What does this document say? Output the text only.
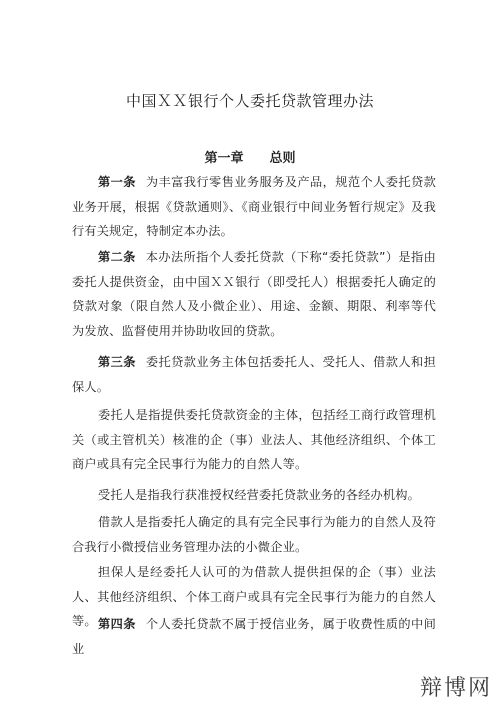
中国ＸＸ银行个人委托贷款管理办法
第一章 总则
第一条 为丰富我行零售业务服务及产品，规范个人委托贷款业务开展，根据《贷款通则》、《商业银行中间业务暂行规定》及我行有关规定，特制定本办法。
第二条 本办法所指个人委托贷款（下称“委托贷款”）是指由委托人提供资金，由中国ＸＸ银行（即受托人）根据委托人确定的贷款对象（限自然人及小微企业）、用途、金额、期限、利率等代为发放、监督使用并协助收回的贷款。
第三条 委托贷款业务主体包括委托人、受托人、借款人和担保人。
委托人是指提供委托贷款资金的主体，包括经工商行政管理机关（或主管机关）核准的企（事）业法人、其他经济组织、个体工商户或具有完全民事行为能力的自然人等。
受托人是指我行获准授权经营委托贷款业务的各经办机构。
借款人是指委托人确定的具有完全民事行为能力的自然人及符合我行小微授信业务管理办法的小微企业。
担保人是经委托人认可的为借款人提供担保的企（事）业法人、其他经济组织、个体工商户或具有完全民事行为能力的自然人等。 第四条 个人委托贷款不属于授信业务，属于收费性质的中间业
辩博网
